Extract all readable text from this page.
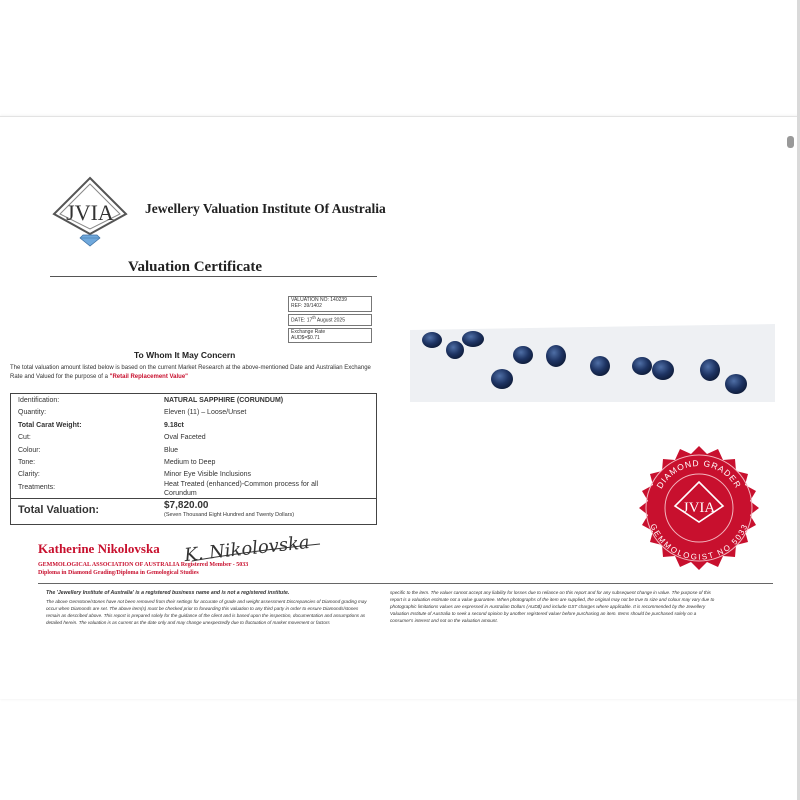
JVIA Jewellery Valuation Institute Of Australia
Valuation Certificate
VALUATION NO: 140239
REF: 39/1402
DATE: 17th August 2025
Exchange Rate
AUD$=$0.71
To Whom It May Concern
The total valuation amount listed below is based on the current Market Research at the above-mentioned Date and Australian Exchange Rate and Valued for the purpose of a "Retail Replacement Value"
Identification:	NATURAL SAPPHIRE (CORUNDUM)
Quantity:	Eleven (11) – Loose/Unset
Total Carat Weight:	9.18ct
Cut:	Oval Faceted
Colour:	Blue
Tone:	Medium to Deep
Clarity:	Minor Eye Visible Inclusions
Treatments:	Heat Treated (enhanced)-Common process for all
Corundum
Total Valuation:	$7,820.00
(Seven Thousand Eight Hundred and Twenty Dollars)
Katherine Nikolovska K. Nikolovska
GEMMOLOGICAL ASSOCIATION OF AUSTRALIA Registered Member - 5033
Diploma in Diamond Grading/Diploma in Gemological Studies
The 'Jewellery Institute of Australia' is a registered business name and is not a registered institute.
The above Gemstone/stones have not been removed from their settings for accurate of grade and weight assessment Discrepancies of Diamond grading may occur when Diamonds are set. The above item(s) must be checked prior to forwarding this valuation to any third party in order to ensure Diamonds/stones remain as described above. This report is prepared solely for the guidance of the client and is based upon the inspection, documentation and assumptions as detailed herein. The valuation is as current as the date only and may change unexpectedly due to fluctuation of market movement or factors
specific to the item. The valuer cannot accept any liability for losses due to reliance on this report and for any subsequent change in value. The purpose of this report is a valuation estimate not a value guarantee. When photographs of the item are supplied, the original may not be true to size and colour may vary due to photographic limitations values are expressed in Australian Dollars (AUD$) and include GST charges where applicable. It is recommended by the Jewellery Valuation Institute of Australia to seek a second opinion by another registered valuer before purchasing an item. Items should be purchased solely on a consumer's interest and not on the valuation amount.
DIAMOND GRADER
GEMMOLOGIST NO 5033
JVIA
